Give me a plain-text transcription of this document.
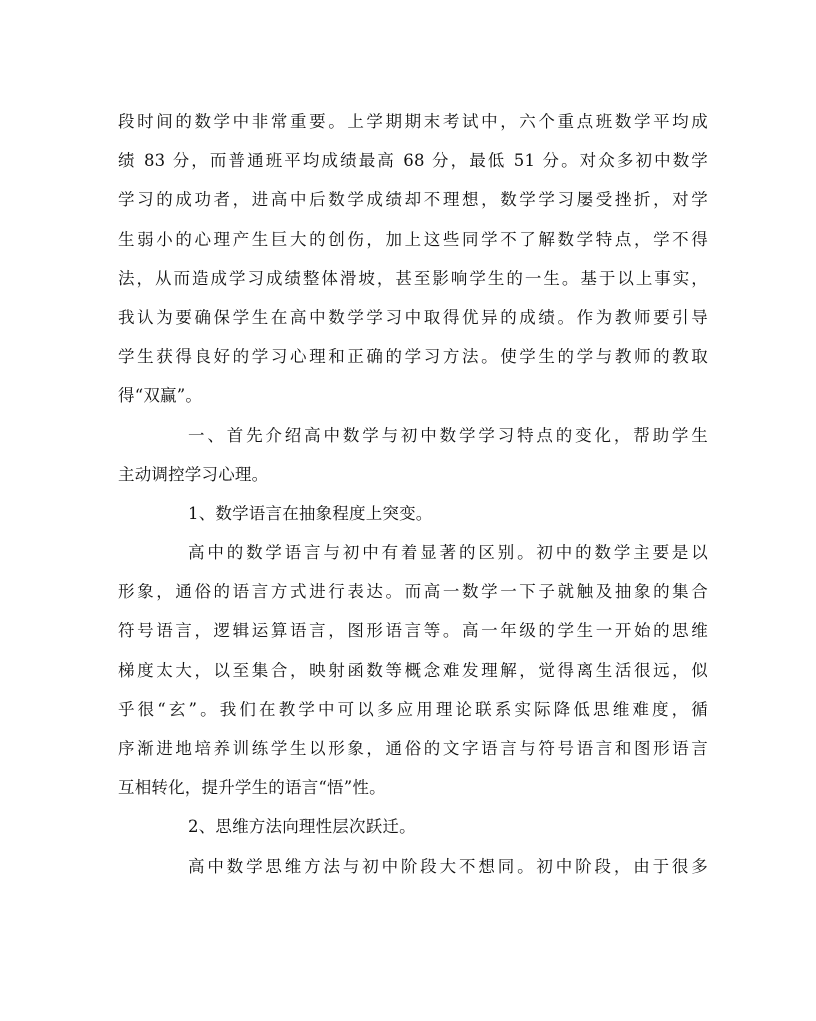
段时间的数学中非常重要。上学期期末考试中，六个重点班数学平均成
绩 83 分，而普通班平均成绩最高 68 分，最低 51 分。对众多初中数学
学习的成功者，进高中后数学成绩却不理想，数学学习屡受挫折，对学
生弱小的心理产生巨大的创伤，加上这些同学不了解数学特点，学不得
法，从而造成学习成绩整体滑坡，甚至影响学生的一生。基于以上事实，
我认为要确保学生在高中数学学习中取得优异的成绩。作为教师要引导
学生获得良好的学习心理和正确的学习方法。使学生的学与教师的教取
得“双赢”。
一、首先介绍高中数学与初中数学学习特点的变化，帮助学生
主动调控学习心理。
1、数学语言在抽象程度上突变。
高中的数学语言与初中有着显著的区别。初中的数学主要是以
形象，通俗的语言方式进行表达。而高一数学一下子就触及抽象的集合
符号语言，逻辑运算语言，图形语言等。高一年级的学生一开始的思维
梯度太大，以至集合，映射函数等概念难发理解，觉得离生活很远，似
乎很“玄”。我们在教学中可以多应用理论联系实际降低思维难度，循
序渐进地培养训练学生以形象，通俗的文字语言与符号语言和图形语言
互相转化，提升学生的语言“悟”性。
2、思维方法向理性层次跃迁。
高中数学思维方法与初中阶段大不想同。初中阶段，由于很多
